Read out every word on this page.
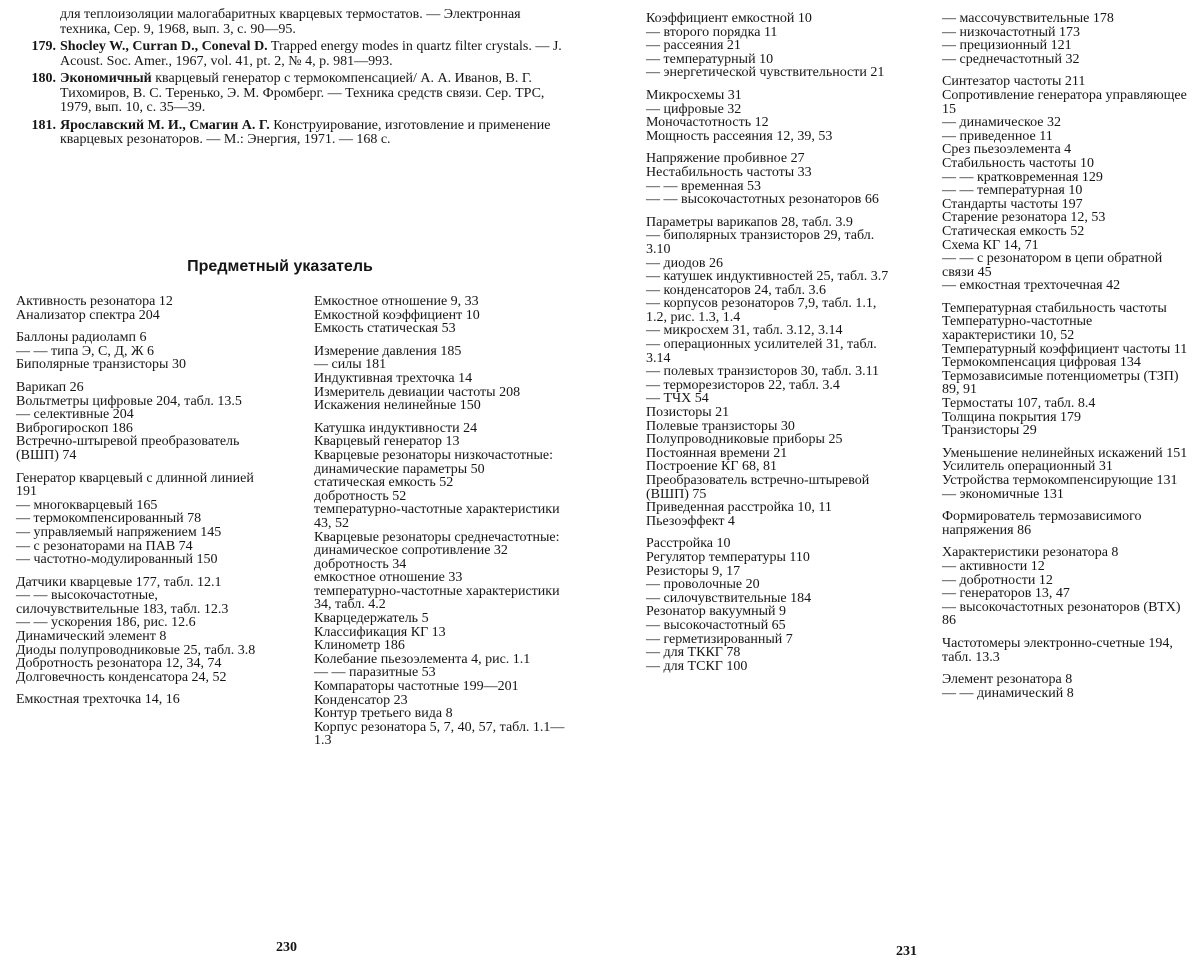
для теплоизоляции малогабаритных кварцевых термостатов. — Электронная техника, Сер. 9, 1968, вып. 3, с. 90—95.
179. Shocley W., Curran D., Coneval D. Trapped energy modes in quartz filter crystals. — J. Acoust. Soc. Amer., 1967, vol. 41, pt. 2, № 4, p. 981—993.
180. Экономичный кварцевый генератор с термокомпенсацией/ А. А. Иванов, В. Г. Тихомиров, В. С. Теренько, Э. М. Фромберг. — Техника средств связи. Сер. ТРС, 1979, вып. 10, с. 35—39.
181. Ярославский М. И., Смагин А. Г. Конструирование, изготовление и применение кварцевых резонаторов. — М.: Энергия, 1971. — 168 с.
Предметный указатель
Активность резонатора 12
Анализатор спектра 204
Баллоны радиоламп 6
— — типа Э, С, Д, Ж 6
Биполярные транзисторы 30
Варикап 26
Вольтметры цифровые 204, табл. 13.5
— селективные 204
Виброгироскоп 186
Встречно-штыревой преобразователь (ВШП) 74
Генератор кварцевый с длинной линией 191
— многокварцевый 165
— термокомпенсированный 78
— управляемый напряжением 145
— с резонаторами на ПАВ 74
— частотно-модулированный 150
Датчики кварцевые 177, табл. 12.1
— — высокочастотные, силочувствительные 183, табл. 12.3
— — ускорения 186, рис. 12.6
Динамический элемент 8
Диоды полупроводниковые 25, табл. 3.8
Добротность резонатора 12, 34, 74
Долговечность конденсатора 24, 52
Емкостная трехточка 14, 16
Емкостное отношение 9, 33
Емкостной коэффициент 10
Емкость статическая 53
Измерение давления 185
— силы 181
Индуктивная трехточка 14
Измеритель девиации частоты 208
Искажения нелинейные 150
Катушка индуктивности 24
Кварцевый генератор 13
Кварцевые резонаторы низкочастотные:
динамические параметры 50
статическая емкость 52
добротность 52
температурно-частотные характеристики 43, 52
Кварцевые резонаторы среднечастотные:
динамическое сопротивление 32
добротность 34
емкостное отношение 33
температурно-частотные характеристики 34, табл. 4.2
Кварцедержатель 5
Классификация КГ 13
Клинометр 186
Колебание пьезоэлемента 4, рис. 1.1
— — паразитные 53
Компараторы частотные 199—201
Конденсатор 23
Контур третьего вида 8
Корпус резонатора 5, 7, 40, 57, табл. 1.1—1.3
230
Коэффициент емкостной 10
— второго порядка 11
— рассеяния 21
— температурный 10
— энергетической чувствительности 21
Микросхемы 31
— цифровые 32
Моночастотность 12
Мощность рассеяния 12, 39, 53
Напряжение пробивное 27
Нестабильность частоты 33
— — временная 53
— — высокочастотных резонаторов 66
Параметры варикапов 28, табл. 3.9
— биполярных транзисторов 29, табл. 3.10
— диодов 26
— катушек индуктивностей 25, табл. 3.7
— конденсаторов 24, табл. 3.6
— корпусов резонаторов 7,9, табл. 1.1, 1.2, рис. 1.3, 1.4
— микросхем 31, табл. 3.12, 3.14
— операционных усилителей 31, табл. 3.14
— полевых транзисторов 30, табл. 3.11
— терморезисторов 22, табл. 3.4
— ТЧХ 54
Позисторы 21
Полевые транзисторы 30
Полупроводниковые приборы 25
Постоянная времени 21
Построение КГ 68, 81
Преобразователь встречно-штыревой (ВШП) 75
Приведенная расстройка 10, 11
Пьезоэффект 4
Расстройка 10
Регулятор температуры 110
Резисторы 9, 17
— проволочные 20
— силочувствительные 184
Резонатор вакуумный 9
— высокочастотный 65
— герметизированный 7
— для ТККГ 78
— для ТСКГ 100
— массочувствительные 178
— низкочастотный 173
— прецизионный 121
— среднечастотный 32
Синтезатор частоты 211
Сопротивление генератора управляющее 15
— динамическое 32
— приведенное 11
Срез пьезоэлемента 4
Стабильность частоты 10
— — кратковременная 129
— — температурная 10
Стандарты частоты 197
Старение резонатора 12, 53
Статическая емкость 52
Схема КГ 14, 71
— — с резонатором в цепи обратной связи 45
— емкостная трехточечная 42
Температурная стабильность частоты
Температурно-частотные характеристики 10, 52
Температурный коэффициент частоты 11
Термокомпенсация цифровая 134
Термозависимые потенциометры (ТЗП) 89, 91
Термостаты 107, табл. 8.4
Толщина покрытия 179
Транзисторы 29
Уменьшение нелинейных искажений 151
Усилитель операционный 31
Устройства термокомпенсирующие 131
— экономичные 131
Формирователь термозависимого напряжения 86
Характеристики резонатора 8
— активности 12
— добротности 12
— генераторов 13, 47
— высокочастотных резонаторов (ВТХ) 86
Частотомеры электронно-счетные 194, табл. 13.3
Элемент резонатора 8
— — динамический 8
231
